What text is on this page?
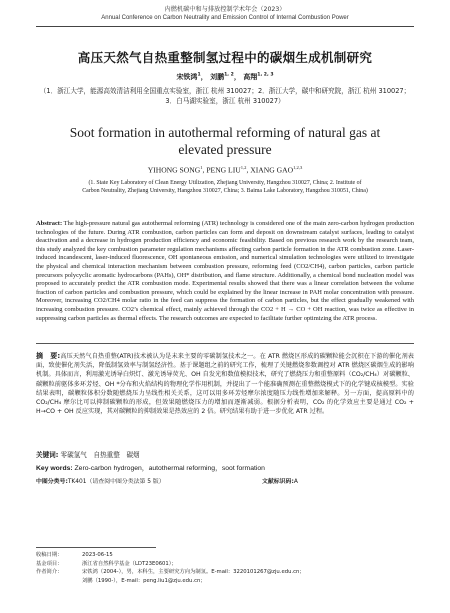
内燃机碳中和与排放控制学术年会（2023）
Annual Conference on Carbon Neutrality and Emission Control of Internal Combustion Power
高压天然气自热重整制氢过程中的碳烟生成机制研究
宋铁鸿$^1$， 刘鹏$^{1, 2}$， 高翔$^{1, 2, 3}$
（1．浙江大学，能源高效清洁利用全国重点实验室，浙江 杭州 310027；2．浙江大学，碳中和研究院，浙江 杭州 310027；3．白马湖实验室，浙江 杭州 310027）
Soot formation in autothermal reforming of natural gas at elevated pressure
YIHONG SONG$^1$, PENG LIU$^{1,2}$, XIANG GAO$^{1,2,3}$
(1. State Key Laboratory of Clean Energy Utilization, Zhejiang University, Hangzhou 310027, China; 2. Institute of Carbon Neutrality, Zhejiang University, Hangzhou 310027, China; 3. Baima Lake Laboratory, Hangzhou 310051, China)
Abstract: The high-pressure natural gas autothermal reforming (ATR) technology is considered one of the main zero-carbon hydrogen production technologies of the future. During ATR combustion, carbon particles can form and deposit on downstream catalyst surfaces, leading to catalyst deactivation and a decrease in hydrogen production efficiency and economic feasibility. Based on previous research work by the research team, this study analyzed the key combustion parameter regulation mechanisms affecting carbon particle formation in the ATR combustion zone. Laser-induced incandescent, laser-induced fluorescence, OH spontaneous emission, and numerical simulation technologies were utilized to investigate the physical and chemical interaction mechanism between combustion pressure, reforming feed (CO2/CH4), carbon particles, carbon particle precursors polycyclic aromatic hydrocarbons (PAHs), OH* distribution, and flame structure. Additionally, a chemical bond nucleation model was proposed to accurately predict the ATR combustion mode. Experimental results showed that there was a linear correlation between the volume fraction of carbon particles and combustion pressure, which could be explained by the linear increase in PAH molar concentration with pressure. Moreover, increasing CO2/CH4 molar ratio in the feed can suppress the formation of carbon particles, but the effect gradually weakened with increasing combustion pressure. CO2’s chemical effect, mainly achieved through the CO2 + H → CO + OH reaction, was twice as effective in suppressing carbon particles as thermal effects. The research outcomes are expected to facilitate further optimizing the ATR process.
摘　要:高压天然气自热重整(ATR)技术被认为是未来主要的零碳制氢技术之一。在 ATR 燃烧区形成的碳颗粒能会沉积在下游的催化剂表面，致使催化剂失活，降低制氢效率与制氢经济性。基于课题组之前的研究工作，梳理了关键燃烧参数调控对 ATR 燃烧区碳烟生成的影响机制。具体而言，利用激光诱导白炽灯、激光诱导荧光、OH 自发光和数值模拟技术，研究了燃烧压力和重整原料（CO₂/CH₄）对碳颗粒、碳颗粒前驱体多环芳烃、OH *分布和火焰结构的物理化学作用机制，并提出了一个能准确预测在重整燃烧模式下的化学键成核模型。实验结果表明，碳颗粒体积分数随燃烧压力呈线性相关关系，这可以用多环芳烃摩尔浓度随压力线性增加来解释。另一方面，提高原料中的 CO₂/CH₄ 摩尔比可以抑制碳颗粒的形成，但效果随燃烧压力的增加而逐渐减弱。根据分析表明，CO₂ 的化学效应主要是通过 CO₂ + H→CO + OH 反应实现，其对碳颗粒的抑制效果是热效应的 2 倍。研究结果有助于进一步优化 ATR 过程。
关键词: 零碳氢气　自热重整　碳烟
Key words: Zero-carbon hydrogen，autothermal reforming，soot formation
中图分类号:TK401（请查阅中图分类法第 5 版）	文献标识码:A
收稿日期：	2023-06-15
基金项目：	浙江省自然科学基金（LDT23E0601）；
作者简介：	宋铁鸿（2004-），男，本科生，主要研究方向为制氢。E-mail：3220101267@zju.edu.cn；
刘鹏（1990-），E-mail：peng.liu1@zju.edu.cn；
